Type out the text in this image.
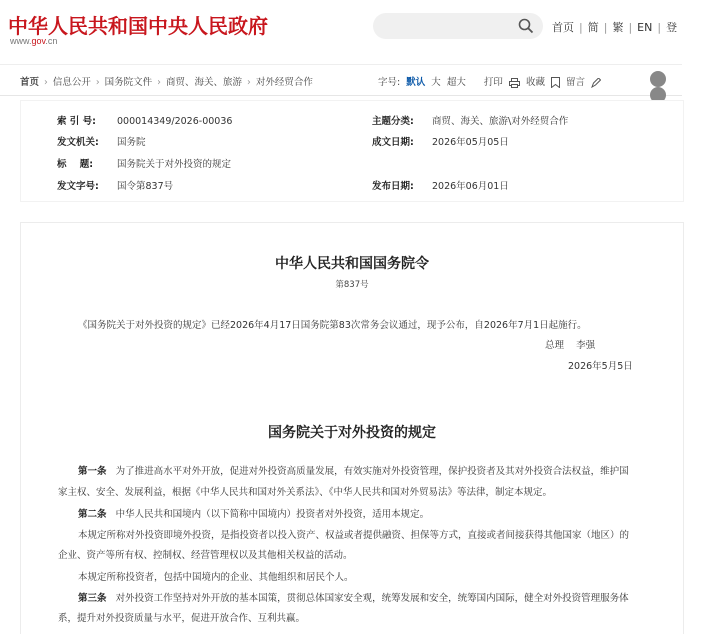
中华人民共和国中央人民政府
www.gov.cn
首页 | 简 | 繁 | EN | 登
首页 › 信息公开 › 国务院文件 › 商贸、海关、旅游 › 对外经贸合作	字号: 默认 大 超大 打印 收藏 留言
索 引 号: 000014349/2026-00036	主题分类: 商贸、海关、旅游\对外经贸合作
发文机关: 国务院	成文日期: 2026年05月05日
标    题:	国务院关于对外投资的规定
发文字号: 国令第837号	发布日期: 2026年06月01日
中华人民共和国国务院令
第837号
《国务院关于对外投资的规定》已经2026年4月17日国务院第83次常务会议通过，现予公布，自2026年7月1日起施行。
总理 李强
2026年5月5日
国务院关于对外投资的规定
第一条 为了推进高水平对外开放，促进对外投资高质量发展，有效实施对外投资管理，保护投资者及其对外投资合法权益，维护国
家主权、安全、发展利益，根据《中华人民共和国对外关系法》、《中华人民共和国对外贸易法》等法律，制定本规定。
第二条 中华人民共和国境内（以下简称中国境内）投资者对外投资，适用本规定。
本规定所称对外投资即境外投资，是指投资者以投入资产、权益或者提供融资、担保等方式，直接或者间接获得其他国家（地区）的
企业、资产等所有权、控制权、经营管理权以及其他相关权益的活动。
本规定所称投资者，包括中国境内的企业、其他组织和居民个人。
第三条 对外投资工作坚持对外开放的基本国策，贯彻总体国家安全观，统筹发展和安全，统筹国内国际，健全对外投资管理服务体
系，提升对外投资质量与水平，促进开放合作、互利共赢。
